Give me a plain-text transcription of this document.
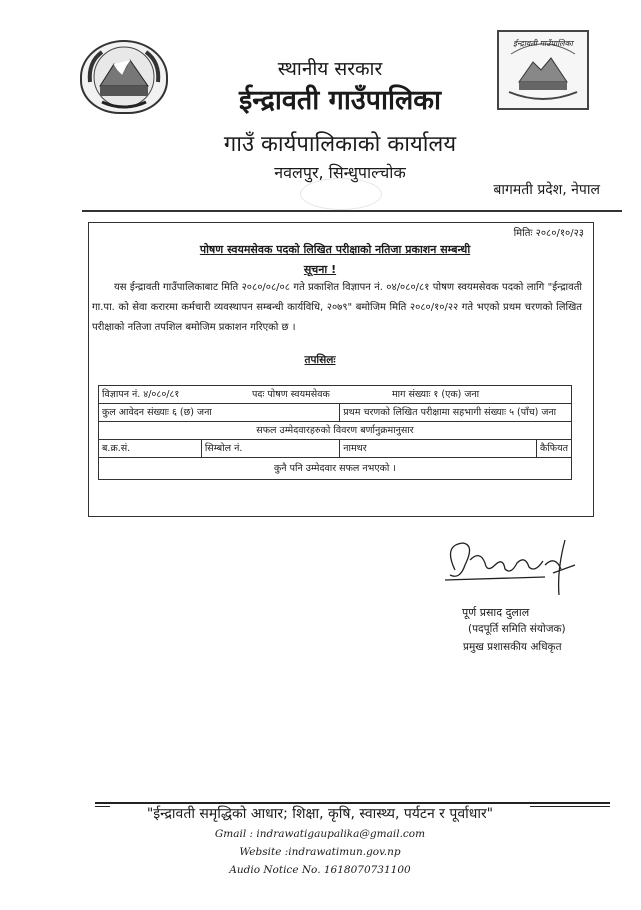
ईन्द्रावती गाउँपालिका
स्थानीय सरकार
ईन्द्रावती गाउँपालिका
गाउँ कार्यपालिकाको कार्यालय
नवलपुर, सिन्धुपाल्चोक
बागमती प्रदेश, नेपाल
मितिः २०८०/१०/२३
पोषण स्वयमसेवक पदको लिखित परीक्षाको नतिजा प्रकाशन सम्बन्धी
सूचना !
यस ईन्द्रावती गाउँपालिकाबाट मिति २०८०/०८/०८ गते प्रकाशित विज्ञापन नं. ०४/०८०/८१ पोषण स्वयमसेवक पदको लागि "ईन्द्रावती गा.पा. को सेवा करारमा कर्मचारी व्यवस्थापन सम्बन्धी कार्यविधि, २०७९" बमोजिम मिति २०८०/१०/२२ गते भएको प्रथम चरणको लिखित परीक्षाको नतिजा तपशिल बमोजिम प्रकाशन गरिएको छ ।
तपसिलः
विज्ञापन नं. ४/०८०/८१ पदः पोषण स्वयमसेवक माग संख्याः १ (एक) जना			
कुल आवेदन संख्याः ६ (छ) जना		प्रथम चरणको लिखित परीक्षामा सहभागी संख्याः ५ (पाँच) जना	
सफल उम्मेदवारहरुको विवरण बर्णानुक्रमानुसार			
ब.क्र.सं.	सिम्बोल नं.	नामथर	कैफियत
कुनै पनि उम्मेदवार सफल नभएको ।			
पूर्ण प्रसाद दुलाल
(पदपूर्ति समिति संयोजक)
प्रमुख प्रशासकीय अधिकृत
"ईन्द्रावती समृद्धिको आधार; शिक्षा, कृषि, स्वास्थ्य, पर्यटन र पूर्वाधार"
Gmail : indrawatigaupalika@gmail.com
Website :indrawatimun.gov.np
Audio Notice No. 1618070731100
